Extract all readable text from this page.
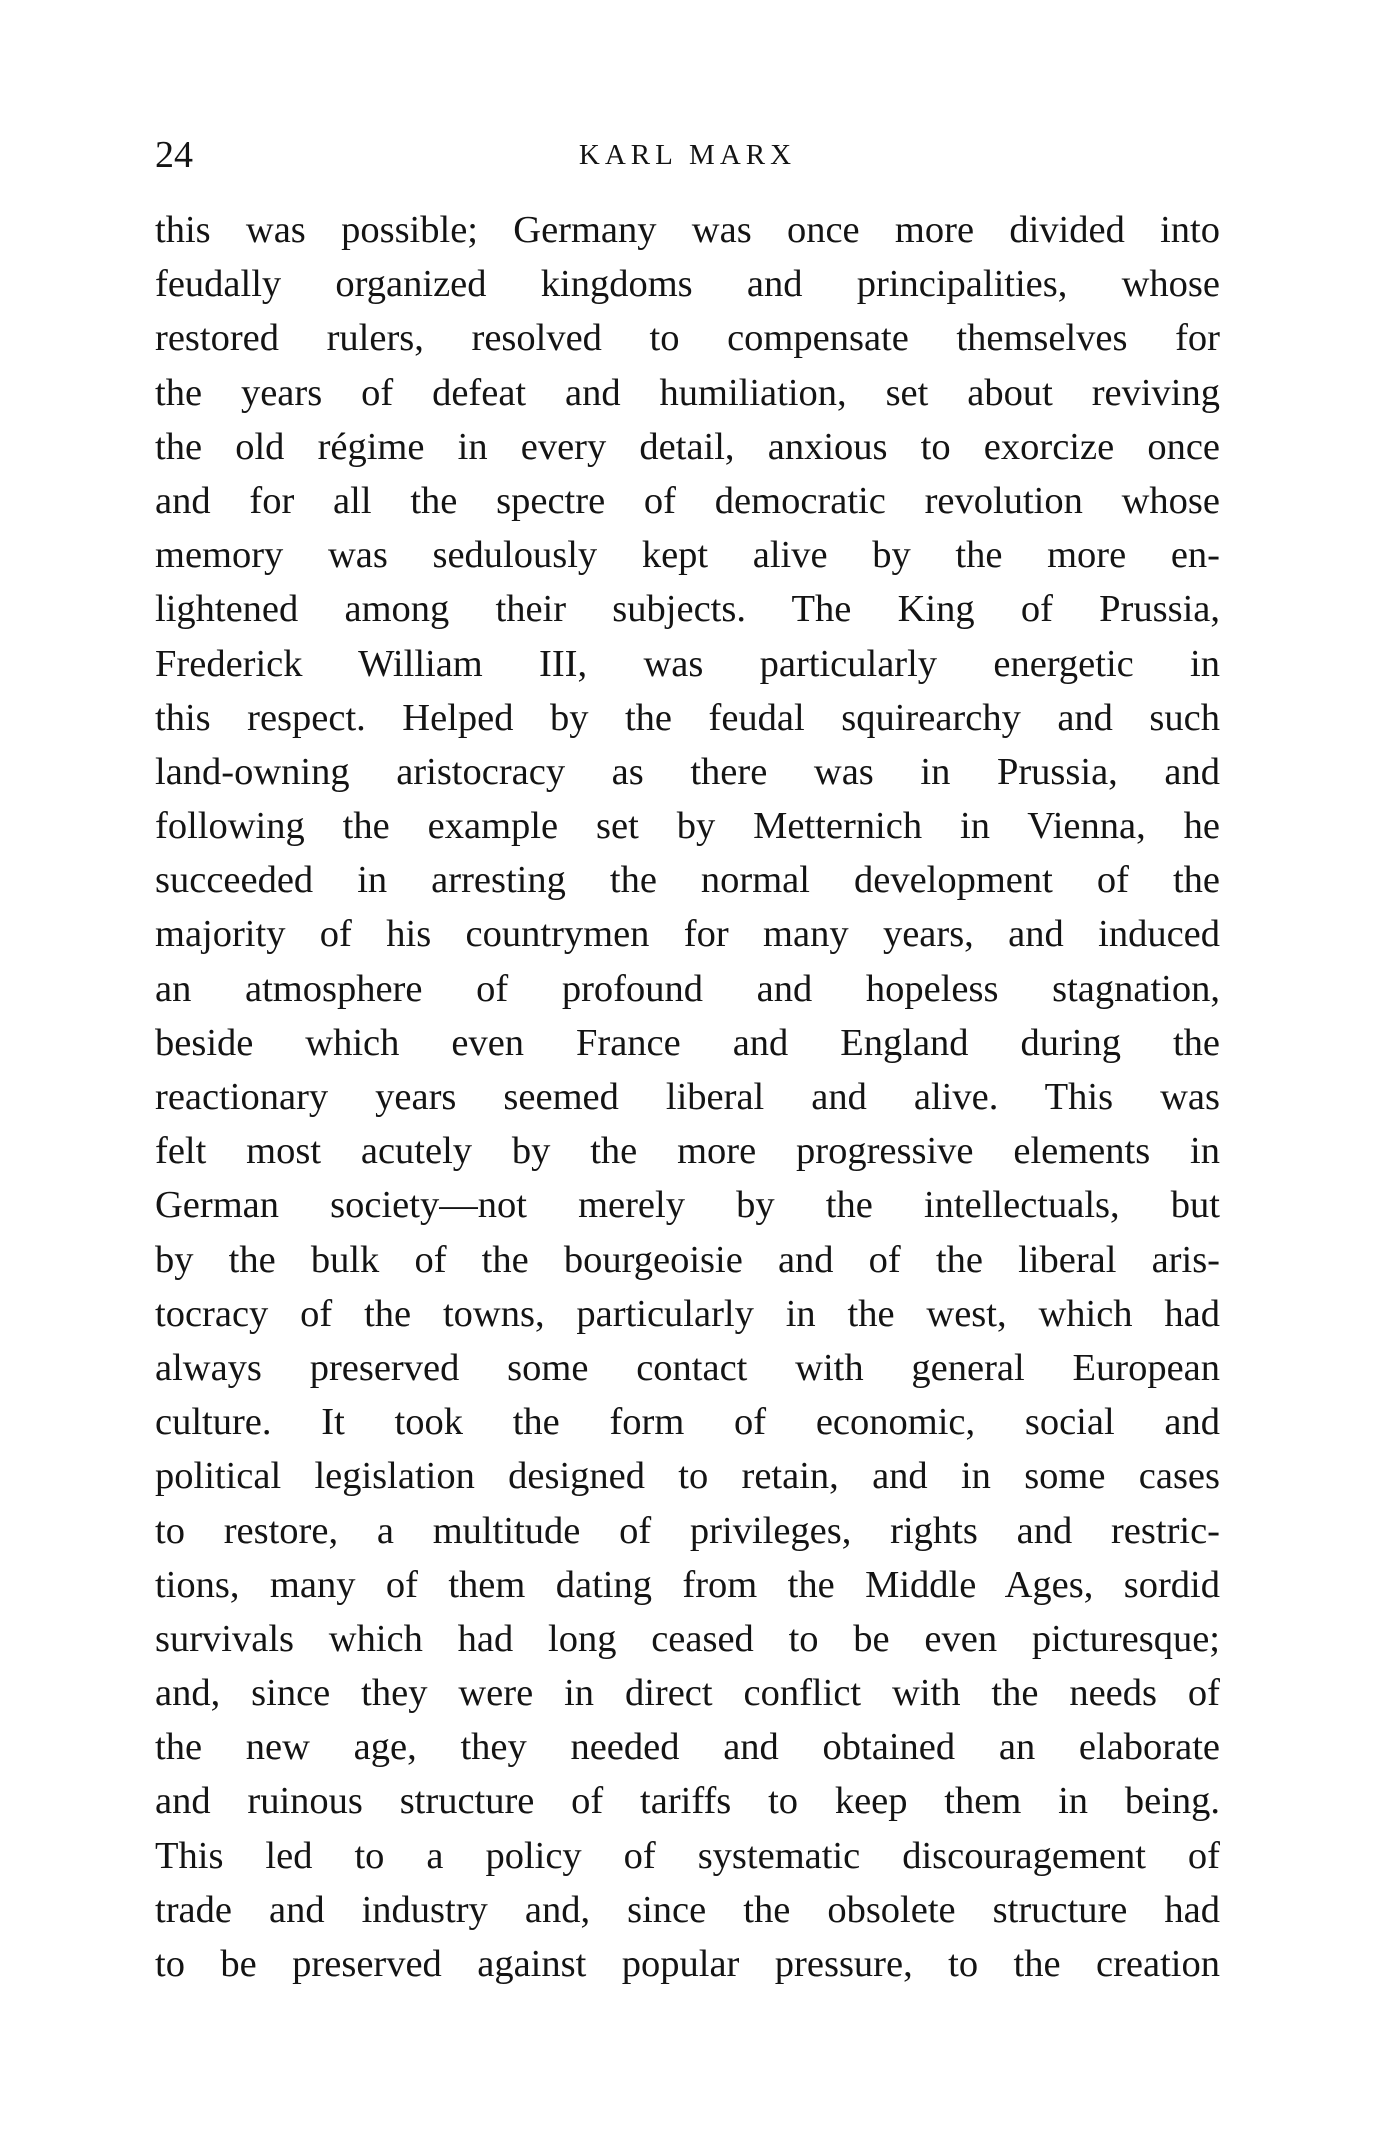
24	KARL MARX
this was possible; Germany was once more divided into
feudally organized kingdoms and principalities, whose
restored rulers, resolved to compensate themselves for
the years of defeat and humiliation, set about reviving
the old régime in every detail, anxious to exorcize once
and for all the spectre of democratic revolution whose
memory was sedulously kept alive by the more en-
lightened among their subjects. The King of Prussia,
Frederick William III, was particularly energetic in
this respect. Helped by the feudal squirearchy and such
land-owning aristocracy as there was in Prussia, and
following the example set by Metternich in Vienna, he
succeeded in arresting the normal development of the
majority of his countrymen for many years, and induced
an atmosphere of profound and hopeless stagnation,
beside which even France and England during the
reactionary years seemed liberal and alive. This was
felt most acutely by the more progressive elements in
German society—not merely by the intellectuals, but
by the bulk of the bourgeoisie and of the liberal aris-
tocracy of the towns, particularly in the west, which had
always preserved some contact with general European
culture. It took the form of economic, social and
political legislation designed to retain, and in some cases
to restore, a multitude of privileges, rights and restric-
tions, many of them dating from the Middle Ages, sordid
survivals which had long ceased to be even picturesque;
and, since they were in direct conflict with the needs of
the new age, they needed and obtained an elaborate
and ruinous structure of tariffs to keep them in being.
This led to a policy of systematic discouragement of
trade and industry and, since the obsolete structure had
to be preserved against popular pressure, to the creation
